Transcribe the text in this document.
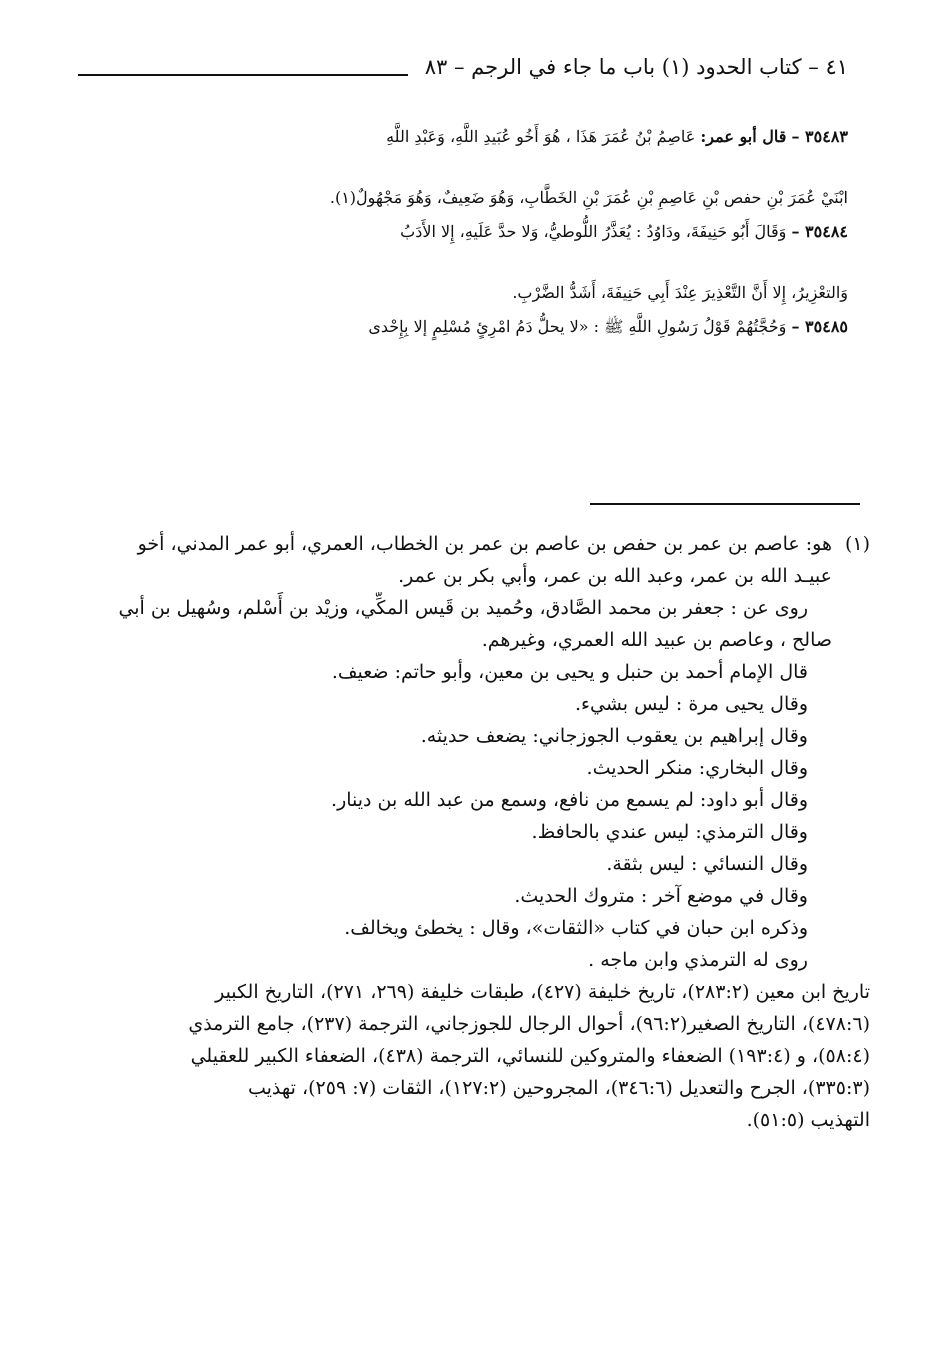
٤١ – كتاب الحدود (١) باب ما جاء في الرجم – ٨٣
٣٥٤٨٣ – قال أبو عمر: عَاصِمُ بْنُ عُمَرَ هَذَا ، هُوَ أَخُو عُبَيدِ اللَّهِ، وَعَبْدِ اللَّهِ
ابْنَيْ عُمَرَ بْنِ حفص بْنِ عَاصِمِ بْنِ عُمَرَ بْنِ الخَطَّابِ، وَهُوَ ضَعِيفٌ، وَهُوَ مَجْهُولٌ(١).
٣٥٤٨٤ – وَقَالَ أَبُو حَنِيفَةَ، ودَاوُدُ : يُعَذَّرُ اللُّوطيُّ، وَلا حدَّ عَلَيهِ، إِلا الأَدَبُ
وَالتعْزِيرُ، إِلا أَنَّ التَّعْذِيرَ عِنْدَ أَبِي حَنِيفَةَ، أَشَدُّ الضَّرْبِ.
٣٥٤٨٥ – وَحُجَّتُهُمْ قَوْلُ رَسُولِ اللَّهِ ﷺ : «لا يحلُّ دَمُ امْرِئٍ مُسْلِمٍ إلا بِإِحْدى
(١)هو: عاصم بن عمر بن حفص بن عاصم بن عمر بن الخطاب، العمري، أبو عمر المدني، أخو
عبيـد الله بن عمر، وعبد الله بن عمر، وأبي بكر بن عمر.
روى عن : جعفر بن محمد الصَّادق، وحُميد بن قَيس المكِّي، وزيْد بن أَسْلم، وسُهيل بن أبي
صالح ، وعاصم بن عبيد الله العمري، وغيرهم.
قال الإمام أحمد بن حنبل و يحيى بن معين، وأبو حاتم: ضعيف.
وقال يحيى مرة : ليس بشيء.
وقال إبراهيم بن يعقوب الجوزجاني: يضعف حديثه.
وقال البخاري: منكر الحديث.
وقال أبو داود: لم يسمع من نافع، وسمع من عبد الله بن دينار.
وقال الترمذي: ليس عندي بالحافظ.
وقال النسائي : ليس بثقة.
وقال في موضع آخر : متروك الحديث.
وذكره ابن حبان في كتاب «الثقات»، وقال : يخطئ ويخالف.
روى له الترمذي وابن ماجه .
تاريخ ابن معين (٢٨٣:٢)، تاريخ خليفة (٤٢٧)، طبقات خليفة (٢٦٩، ٢٧١)، التاريخ الكبير
(٤٧٨:٦)، التاريخ الصغير(٩٦:٢)، أحوال الرجال للجوزجاني، الترجمة (٢٣٧)، جامع الترمذي
(٥٨:٤)، و (١٩٣:٤) الضعفاء والمتروكين للنسائي، الترجمة (٤٣٨)، الضعفاء الكبير للعقيلي
(٣٣٥:٣)، الجرح والتعديل (٣٤٦:٦)، المجروحين (١٢٧:٢)، الثقات (٧: ٢٥٩)، تهذيب
التهذيب (٥١:٥).
